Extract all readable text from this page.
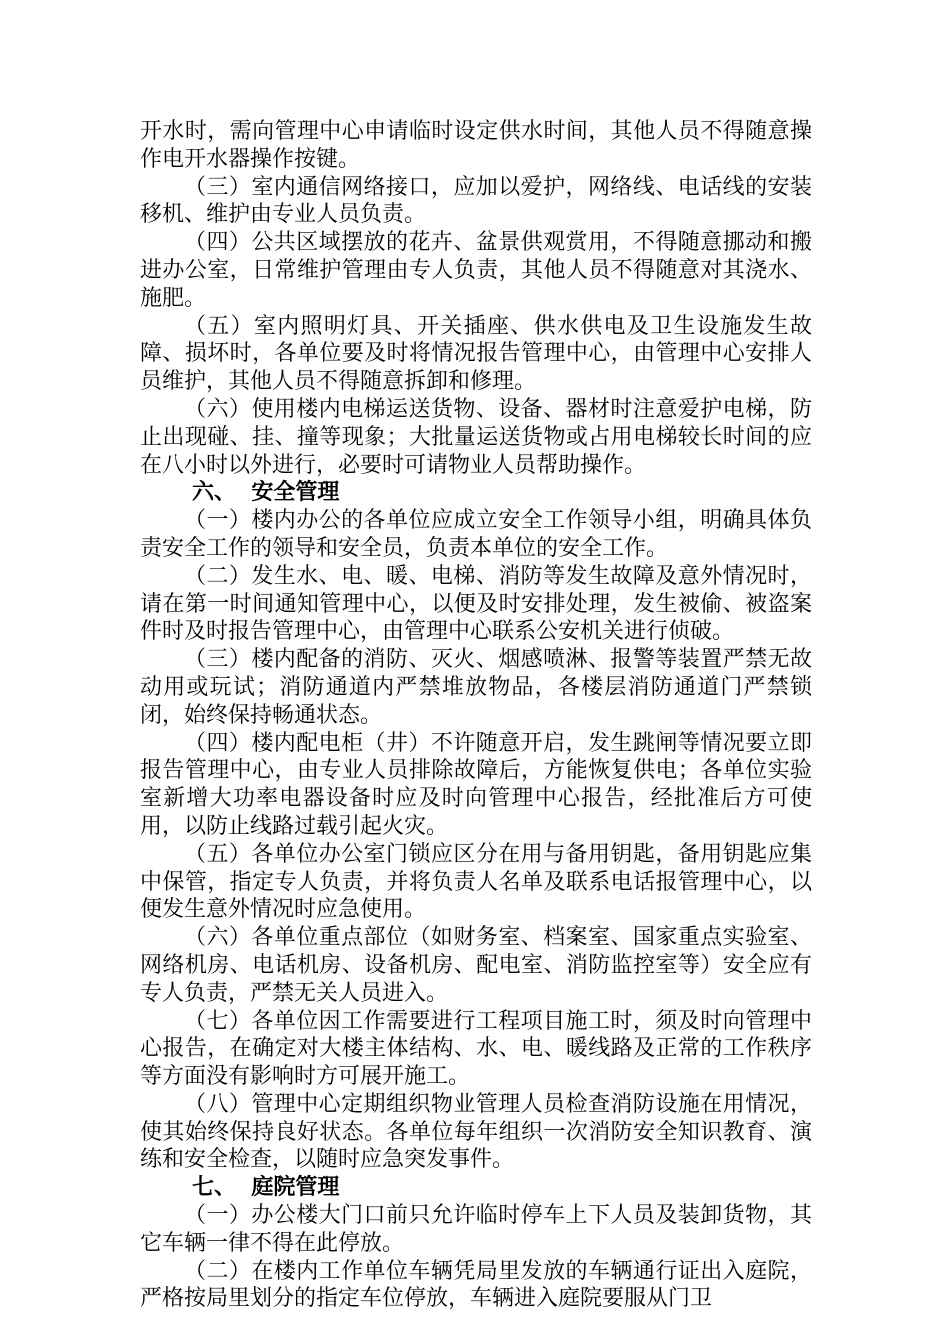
开水时，需向管理中心申请临时设定供水时间，其他人员不得随意操作电开水器操作按键。

（三）室内通信网络接口，应加以爱护，网络线、电话线的安装移机、维护由专业人员负责。

（四）公共区域摆放的花卉、盆景供观赏用，不得随意挪动和搬进办公室，日常维护管理由专人负责，其他人员不得随意对其浇水、施肥。

（五）室内照明灯具、开关插座、供水供电及卫生设施发生故障、损坏时，各单位要及时将情况报告管理中心，由管理中心安排人员维护，其他人员不得随意拆卸和修理。

（六）使用楼内电梯运送货物、设备、器材时注意爱护电梯，防止出现碰、挂、撞等现象；大批量运送货物或占用电梯较长时间的应在八小时以外进行，必要时可请物业人员帮助操作。

六、  安全管理

（一）楼内办公的各单位应成立安全工作领导小组，明确具体负责安全工作的领导和安全员，负责本单位的安全工作。

（二）发生水、电、暖、电梯、消防等发生故障及意外情况时，请在第一时间通知管理中心，以便及时安排处理，发生被偷、被盗案件时及时报告管理中心，由管理中心联系公安机关进行侦破。

（三）楼内配备的消防、灭火、烟感喷淋、报警等装置严禁无故动用或玩试；消防通道内严禁堆放物品，各楼层消防通道门严禁锁闭，始终保持畅通状态。

（四）楼内配电柜（井）不许随意开启，发生跳闸等情况要立即报告管理中心，由专业人员排除故障后，方能恢复供电；各单位实验室新增大功率电器设备时应及时向管理中心报告，经批准后方可使用，以防止线路过载引起火灾。

（五）各单位办公室门锁应区分在用与备用钥匙，备用钥匙应集中保管，指定专人负责，并将负责人名单及联系电话报管理中心，以便发生意外情况时应急使用。

（六）各单位重点部位（如财务室、档案室、国家重点实验室、网络机房、电话机房、设备机房、配电室、消防监控室等）安全应有专人负责，严禁无关人员进入。

（七）各单位因工作需要进行工程项目施工时，须及时向管理中心报告，在确定对大楼主体结构、水、电、暖线路及正常的工作秩序等方面没有影响时方可展开施工。

（八）管理中心定期组织物业管理人员检查消防设施在用情况，使其始终保持良好状态。各单位每年组织一次消防安全知识教育、演练和安全检查，以随时应急突发事件。

七、  庭院管理

（一）办公楼大门口前只允许临时停车上下人员及装卸货物，其它车辆一律不得在此停放。

（二）在楼内工作单位车辆凭局里发放的车辆通行证出入庭院，严格按局里划分的指定车位停放，车辆进入庭院要服从门卫
